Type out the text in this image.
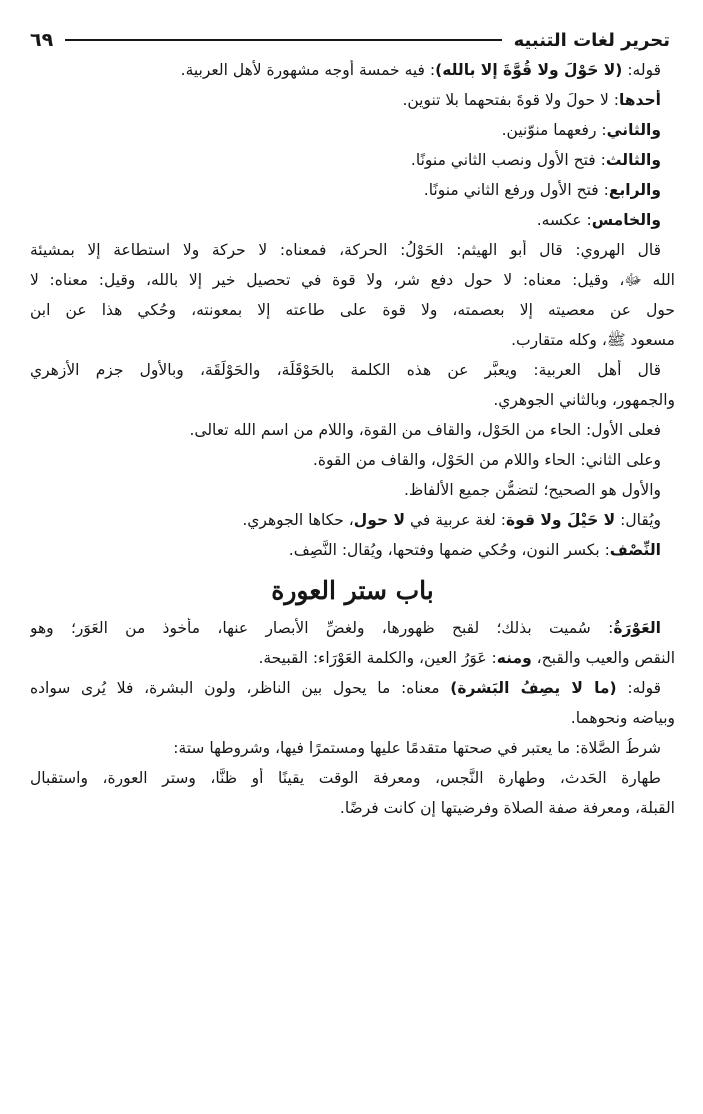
تحرير لغات التنبيه
٦٩
قوله: (لا حَوْلَ ولا قُوَّةَ إلا بالله): فيه خمسة أوجه مشهورة لأهل العربية.
أحدها: لا حولَ ولا قوةَ بفتحهما بلا تنوين.
والثاني: رفعهما منوّنين.
والثالث: فتح الأول ونصب الثاني منونًا.
والرابع: فتح الأول ورفع الثاني منونًا.
والخامس: عكسه.
قال الهروي: قال أبو الهيثم: الحَوْلُ: الحركة، فمعناه: لا حركة ولا استطاعة إلا بمشيئة
الله ﷻ، وقيل: معناه: لا حول دفع شر، ولا قوة في تحصيل خير إلا بالله، وقيل: معناه: لا
حول عن معصيته إلا بعصمته، ولا قوة على طاعته إلا بمعونته، وحُكي هذا عن ابن
مسعود ﷺ، وكله متقارب.
قال أهل العربية: ويعبَّر عن هذه الكلمة بالحَوْقَلَة، والحَوْلَقَة، وبالأول جزم الأزهري
والجمهور، وبالثاني الجوهري.
فعلى الأول: الحاء من الحَوْل، والقاف من القوة، واللام من اسم الله تعالى.
وعلى الثاني: الحاء واللام من الحَوْل، والقاف من القوة.
والأول هو الصحيح؛ لتضمُّن جميع الألفاظ.
ويُقال: لا حَيْلَ ولا قوة: لغة عربية في لا حول، حكاها الجوهري.
النِّصْف: بكسر النون، وحُكي ضمها وفتحها، ويُقال: النَّصِف.
باب ستر العورة
العَوْرَةُ: سُميت بذلك؛ لقبح ظهورها، ولغضِّ الأبصار عنها، مأخوذ من العَوَر؛ وهو
النقص والعيب والقبح، ومنه: عَوَرُ العين، والكلمة العَوْرَاء: القبيحة.
قوله: (ما لا يصِفُ البَشرة) معناه: ما يحول بين الناظر، ولون البشرة، فلا يُرى سواده
وبياضه ونحوهما.
شرطُ الصَّلاة: ما يعتبر في صحتها متقدمًا عليها ومستمرًا فيها، وشروطها ستة:
طهارة الحَدث، وطهارة النَّجس، ومعرفة الوقت يقينًا أو ظنًّا، وستر العورة، واستقبال
القبلة، ومعرفة صفة الصلاة وفرضيتها إن كانت فرضًا.
